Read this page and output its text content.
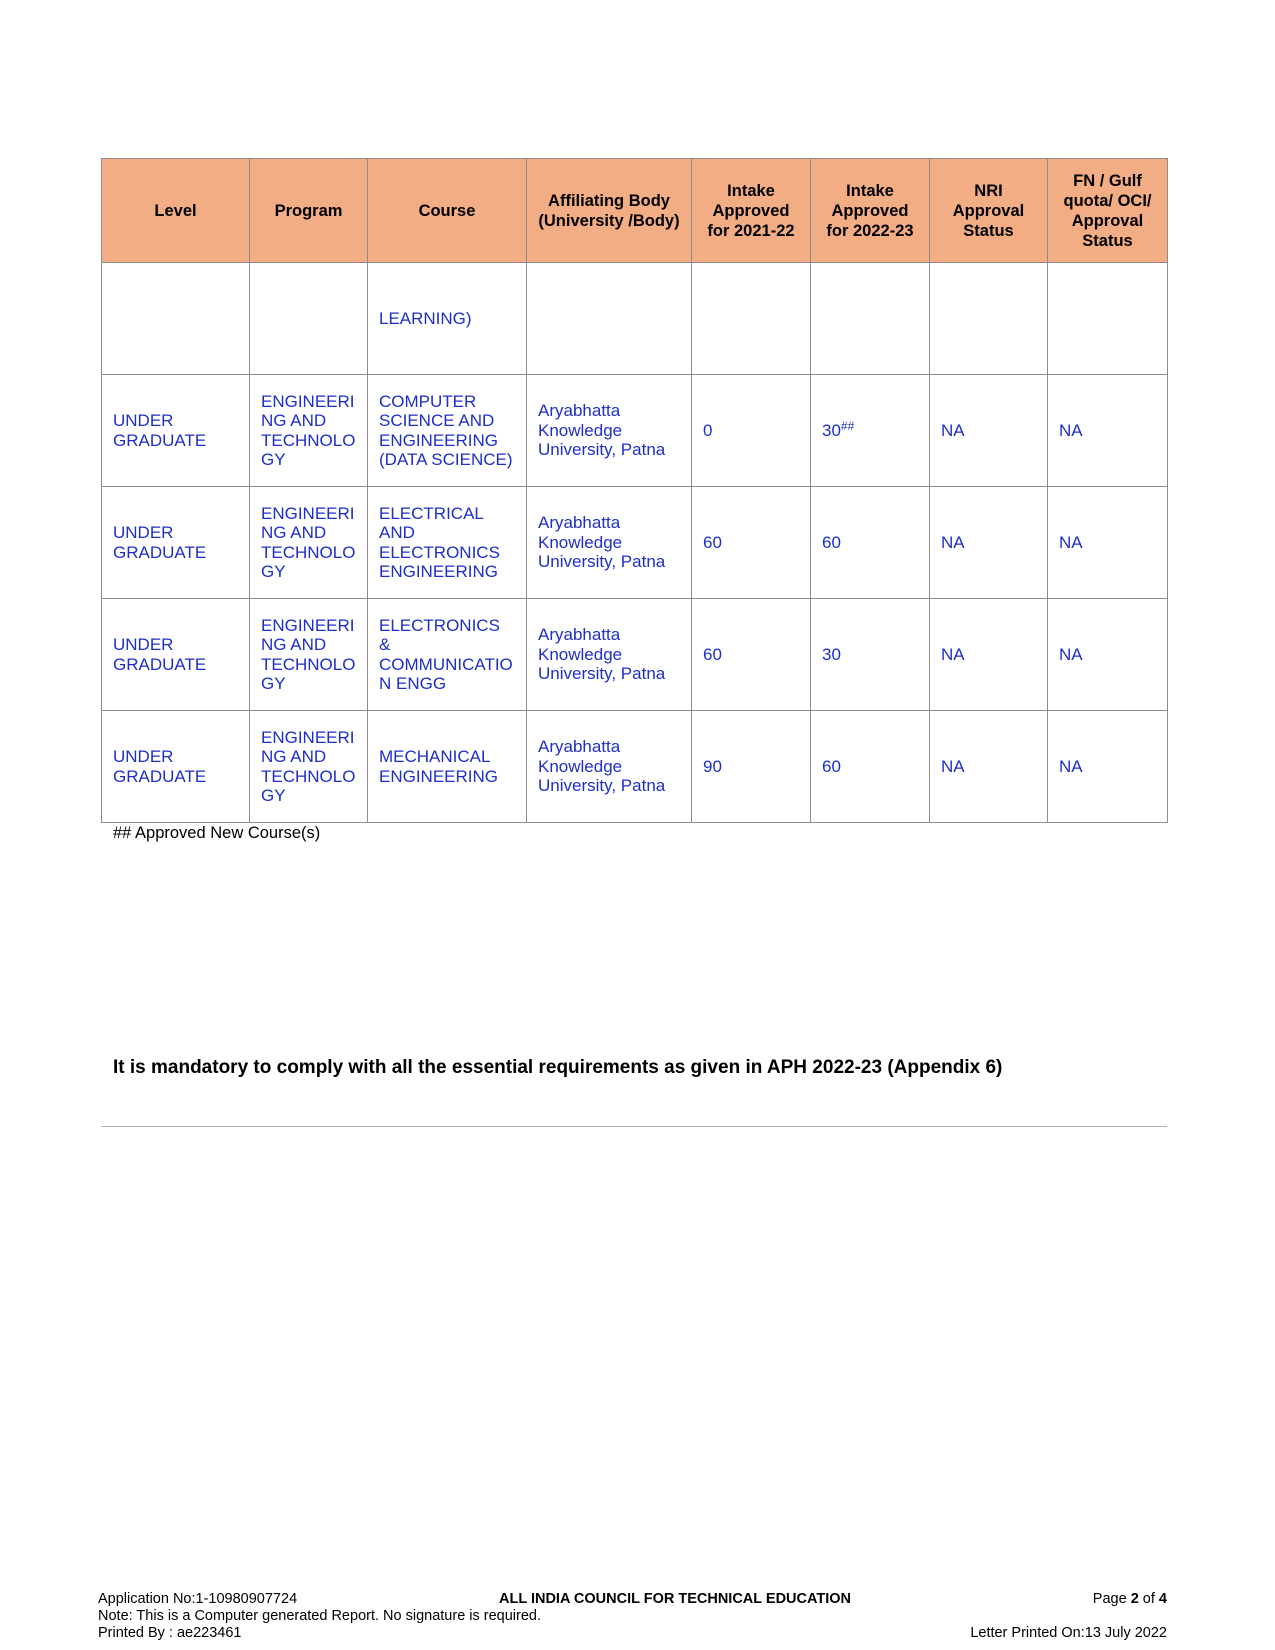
Level	Program	Course	Affiliating Body (University /Body)	Intake Approved for 2021-22	Intake Approved for 2022-23	NRI Approval Status	FN / Gulf quota/ OCI/ Approval Status
		LEARNING)					
UNDER GRADUATE	ENGINEERI NG AND TECHNOLO GY	COMPUTER SCIENCE AND ENGINEERING (DATA SCIENCE)	Aryabhatta Knowledge University, Patna	0	30##	NA	NA
UNDER GRADUATE	ENGINEERI NG AND TECHNOLO GY	ELECTRICAL AND ELECTRONICS ENGINEERING	Aryabhatta Knowledge University, Patna	60	60	NA	NA
UNDER GRADUATE	ENGINEERI NG AND TECHNOLO GY	ELECTRONICS & COMMUNICATIO N ENGG	Aryabhatta Knowledge University, Patna	60	30	NA	NA
UNDER GRADUATE	ENGINEERI NG AND TECHNOLO GY	MECHANICAL ENGINEERING	Aryabhatta Knowledge University, Patna	90	60	NA	NA
## Approved New Course(s)
It is mandatory to comply with all the essential requirements as given in APH 2022-23 (Appendix 6)
Application No:1-10980907724	ALL INDIA COUNCIL FOR TECHNICAL EDUCATION	Page 2 of 4
Note: This is a Computer generated Report. No signature is required.
Printed By : ae223461	Letter Printed On:13 July 2022
